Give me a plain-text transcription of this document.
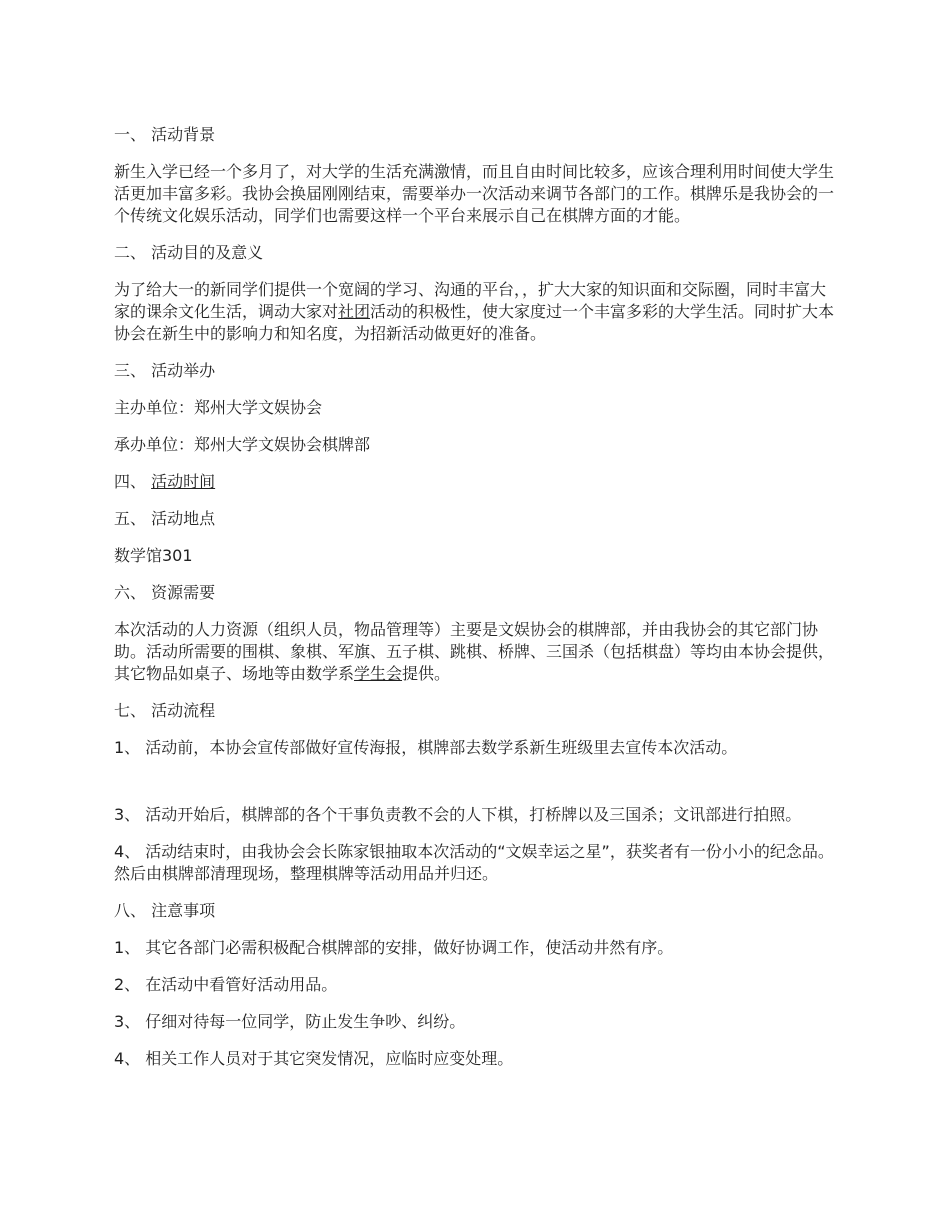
一、 活动背景

新生入学已经一个多月了，对大学的生活充满激情，而且自由时间比较多，应该合理利用时间使大学生活更加丰富多彩。我协会换届刚刚结束，需要举办一次活动来调节各部门的工作。棋牌乐是我协会的一个传统文化娱乐活动，同学们也需要这样一个平台来展示自己在棋牌方面的才能。

二、 活动目的及意义

为了给大一的新同学们提供一个宽阔的学习、沟通的平台，，扩大大家的知识面和交际圈，同时丰富大家的课余文化生活，调动大家对社团活动的积极性，使大家度过一个丰富多彩的大学生活。同时扩大本协会在新生中的影响力和知名度，为招新活动做更好的准备。

三、 活动举办

主办单位：郑州大学文娱协会

承办单位：郑州大学文娱协会棋牌部

四、 活动时间

五、 活动地点

数学馆301

六、 资源需要

本次活动的人力资源（组织人员，物品管理等）主要是文娱协会的棋牌部，并由我协会的其它部门协助。活动所需要的围棋、象棋、军旗、五子棋、跳棋、桥牌、三国杀（包括棋盘）等均由本协会提供，其它物品如桌子、场地等由数学系学生会提供。

七、 活动流程

1、 活动前，本协会宣传部做好宣传海报，棋牌部去数学系新生班级里去宣传本次活动。

3、 活动开始后，棋牌部的各个干事负责教不会的人下棋，打桥牌以及三国杀；文讯部进行拍照。

4、 活动结束时，由我协会会长陈家银抽取本次活动的“文娱幸运之星”，获奖者有一份小小的纪念品。然后由棋牌部清理现场，整理棋牌等活动用品并归还。

八、 注意事项

1、 其它各部门必需积极配合棋牌部的安排，做好协调工作，使活动井然有序。

2、 在活动中看管好活动用品。

3、 仔细对待每一位同学，防止发生争吵、纠纷。

4、 相关工作人员对于其它突发情况，应临时应变处理。
